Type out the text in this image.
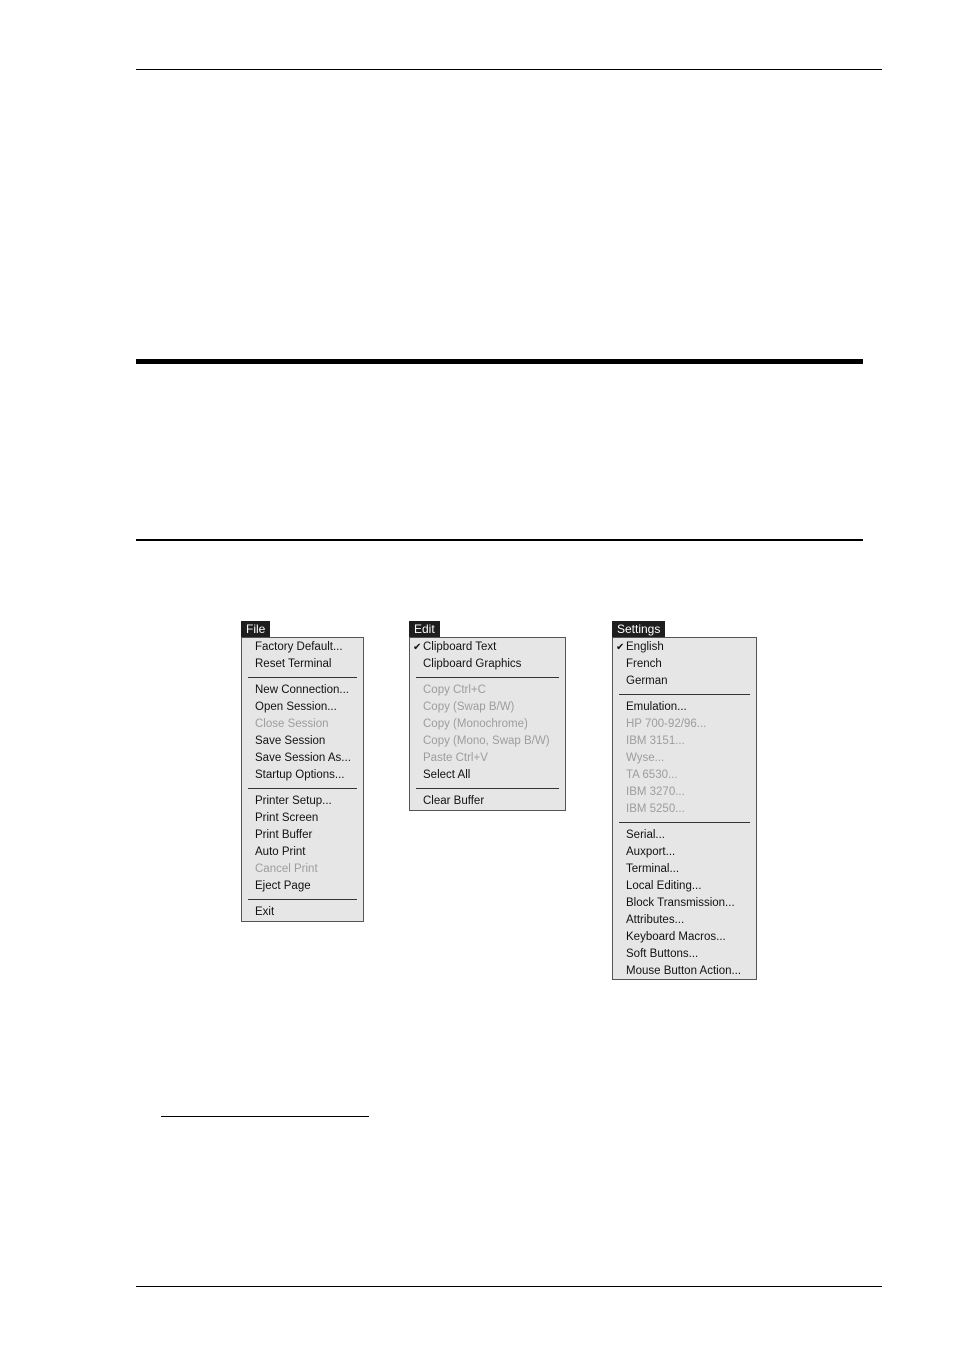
File
Factory Default...
Reset Terminal
New Connection...
Open Session...
Close Session
Save Session
Save Session As...
Startup Options...
Printer Setup...
Print Screen
Print Buffer
Auto Print
Cancel Print
Eject Page
Exit
Edit
✔ Clipboard Text
Clipboard Graphics
Copy Ctrl+C
Copy (Swap B/W)
Copy (Monochrome)
Copy (Mono, Swap B/W)
Paste Ctrl+V
Select All
Clear Buffer
Settings
✔ English
French
German
Emulation...
HP 700-92/96...
IBM 3151...
Wyse...
TA 6530...
IBM 3270...
IBM 5250...
Serial...
Auxport...
Terminal...
Local Editing...
Block Transmission...
Attributes...
Keyboard Macros...
Soft Buttons...
Mouse Button Action...
